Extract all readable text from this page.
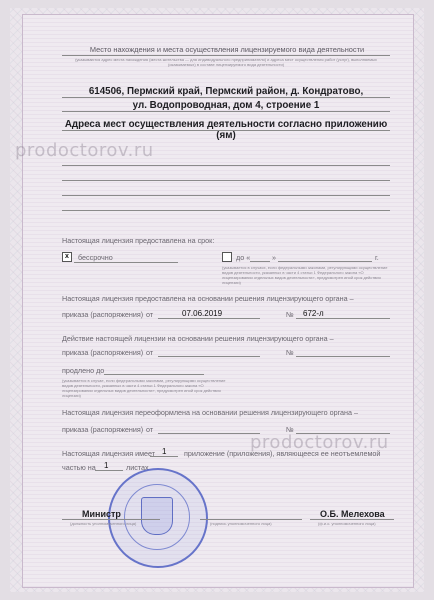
Место нахождения и места осуществления лицензируемого вида деятельности
(указываются адрес места нахождения (места жительства — для индивидуального предпринимателя) и адреса мест осуществления работ (услуг), выполняемых (оказываемых) в составе лицензируемого вида деятельности)
614506, Пермский край, Пермский район, д. Кондратово,
ул. Водопроводная, дом 4, строение 1
Адреса мест осуществления деятельности согласно приложению (ям)
prodoctorov.ru
Настоящая лицензия предоставлена на срок:
x	бессрочно	до «	»	г.
(указывается в случаях, если федеральными законами, регулирующими осуществление видов деятельности, указанных в части 4 статьи 1 Федерального закона «О лицензировании отдельных видов деятельности», предусмотрен иной срок действия лицензии)
Настоящая лицензия предоставлена на основании решения лицензирующего органа –
приказа (распоряжения) от	07.06.2019	№ 672-л
Действие настоящей лицензии на основании решения лицензирующего органа –
приказа (распоряжения) от	№
продлено до
(указывается в случае, если федеральными законами, регулирующими осуществление видов деятельности, указанных в части 4 статьи 1 Федерального закона «О лицензировании отдельных видов деятельности», предусмотрен иной срок действия лицензии)
Настоящая лицензия переоформлена на основании решения лицензирующего органа –
приказа (распоряжения) от	№
prodoctorov.ru
Настоящая лицензия имеет 1 приложение (приложения), являющееся ее неотъемлемой
частью на 1 листах
Министр
(должность уполномоченного лица)	(подпись уполномоченного лица)
О.Б. Мелехова
(ф.и.о. уполномоченного лица)
